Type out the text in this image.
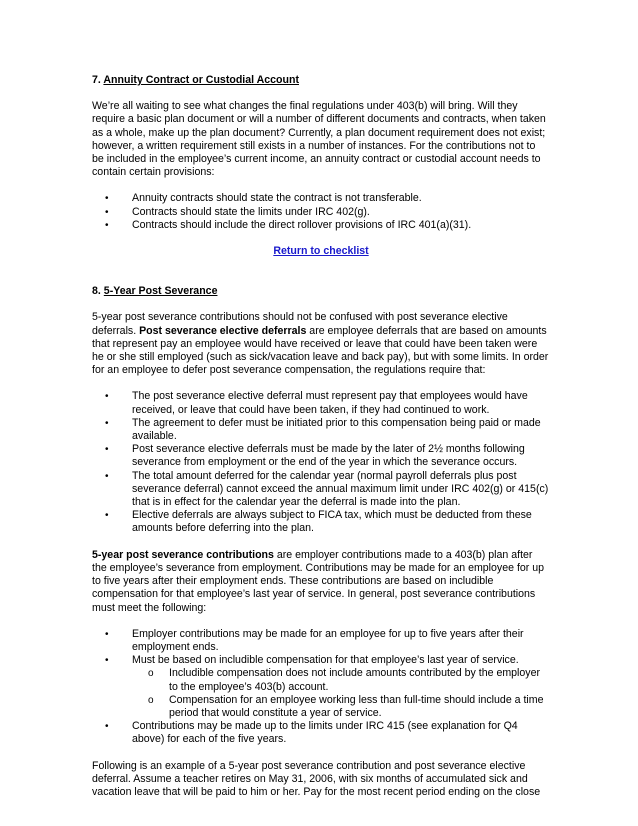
7. Annuity Contract or Custodial Account

We’re all waiting to see what changes the final regulations under 403(b) will bring. Will they require a basic plan document or will a number of different documents and contracts, when taken as a whole, make up the plan document? Currently, a plan document requirement does not exist; however, a written requirement still exists in a number of instances. For the contributions not to be included in the employee’s current income, an annuity contract or custodial account needs to contain certain provisions:

• Annuity contracts should state the contract is not transferable.
• Contracts should state the limits under IRC 402(g).
• Contracts should include the direct rollover provisions of IRC 401(a)(31).

Return to checklist

8. 5-Year Post Severance

5-year post severance contributions should not be confused with post severance elective deferrals. Post severance elective deferrals are employee deferrals that are based on amounts that represent pay an employee would have received or leave that could have been taken were he or she still employed (such as sick/vacation leave and back pay), but with some limits. In order for an employee to defer post severance compensation, the regulations require that:

• The post severance elective deferral must represent pay that employees would have received, or leave that could have been taken, if they had continued to work.
• The agreement to defer must be initiated prior to this compensation being paid or made available.
• Post severance elective deferrals must be made by the later of 2½ months following severance from employment or the end of the year in which the severance occurs.
• The total amount deferred for the calendar year (normal payroll deferrals plus post severance deferral) cannot exceed the annual maximum limit under IRC 402(g) or 415(c) that is in effect for the calendar year the deferral is made into the plan.
• Elective deferrals are always subject to FICA tax, which must be deducted from these amounts before deferring into the plan.

5-year post severance contributions are employer contributions made to a 403(b) plan after the employee’s severance from employment. Contributions may be made for an employee for up to five years after their employment ends. These contributions are based on includible compensation for that employee’s last year of service. In general, post severance contributions must meet the following:

• Employer contributions may be made for an employee for up to five years after their employment ends.
• Must be based on includible compensation for that employee’s last year of service.
o Includible compensation does not include amounts contributed by the employer to the employee’s 403(b) account.
o Compensation for an employee working less than full-time should include a time period that would constitute a year of service.
• Contributions may be made up to the limits under IRC 415 (see explanation for Q4 above) for each of the five years.

Following is an example of a 5-year post severance contribution and post severance elective deferral. Assume a teacher retires on May 31, 2006, with six months of accumulated sick and vacation leave that will be paid to him or her. Pay for the most recent period ending on the close
